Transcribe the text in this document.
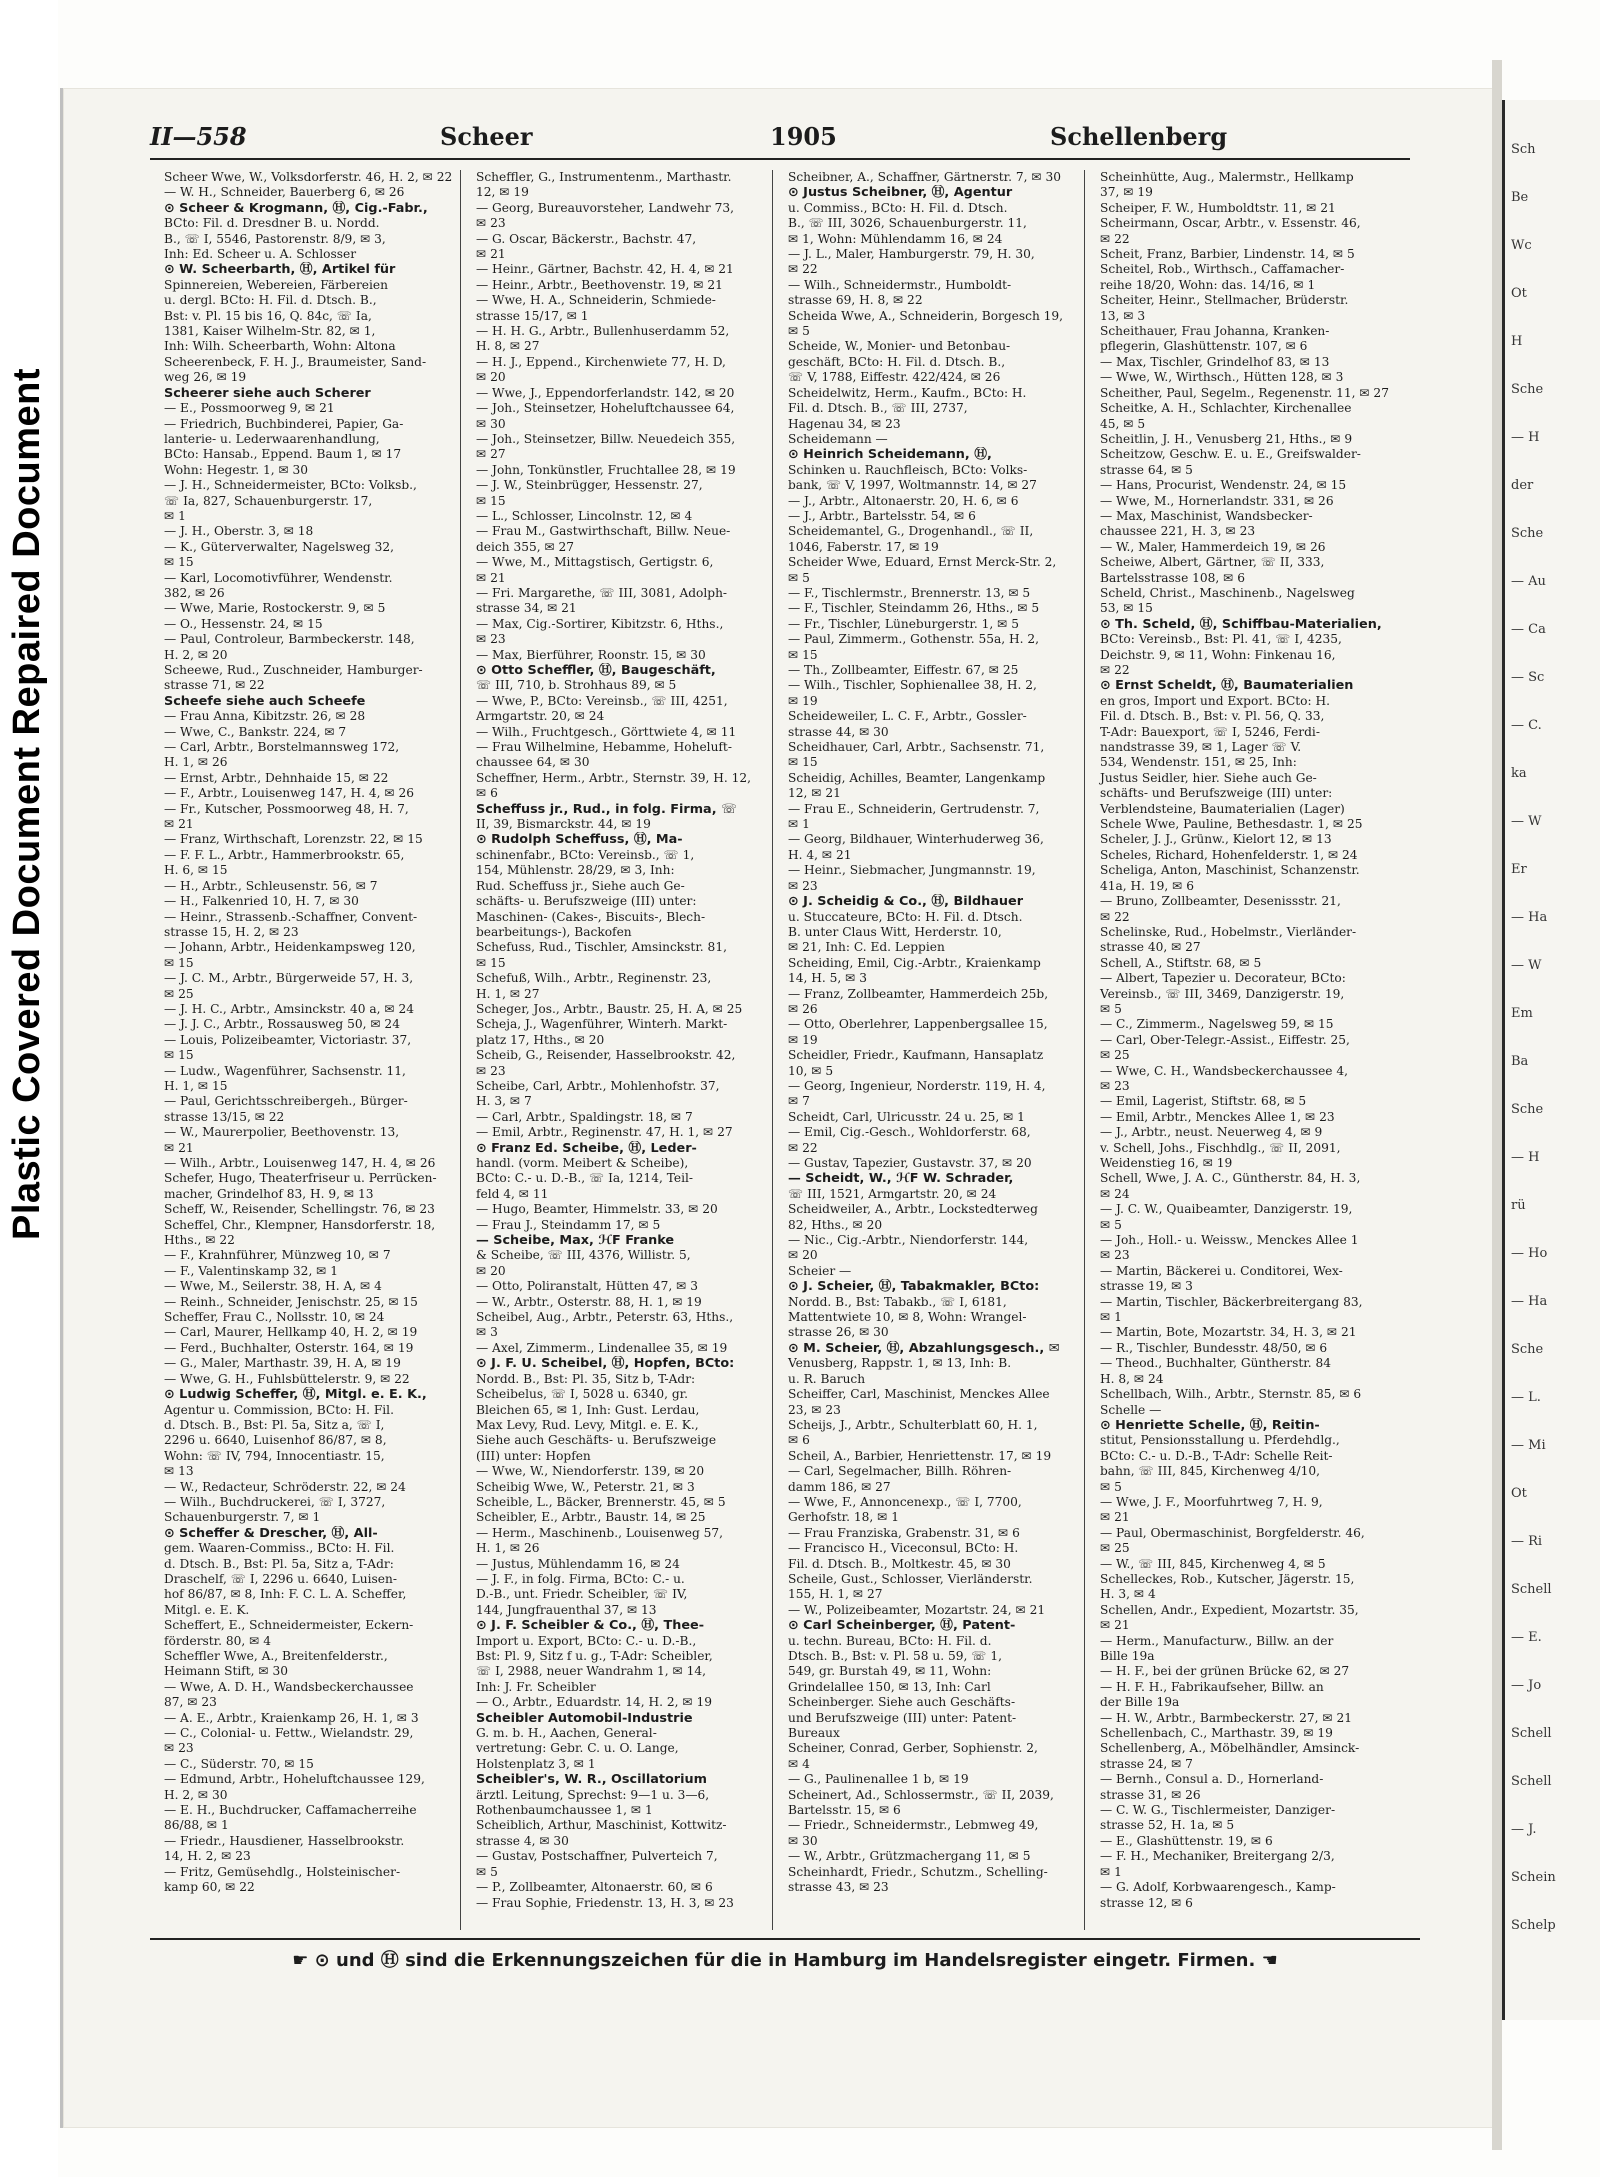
Plastic Covered Document Repaired Document
Sch
Be
Wc
Ot
H
Sche
— H
der
Sche
— Au
— Ca
— Sc
— C.
ka
— W
Er
— Ha
— W
Em
Ba
Sche
— H
rü
— Ho
— Ha
Sche
— L.
— Mi
Ot
— Ri
Schell
— E.
— Jo
Schell
Schell
— J.
Schein
Schelp
II—558	Scheer	1905	Schellenberg

Scheer Wwe, W., Volksdorferstr. 46, H. 2, ✉ 22

— W. H., Schneider, Bauerberg 6, ✉ 26

⊙ Scheer & Krogmann, Ⓗ, Cig.-Fabr.,

BCto: Fil. d. Dresdner B. u. Nordd.

B., ☏ I, 5546, Pastorenstr. 8/9, ✉ 3,

Inh: Ed. Scheer u. A. Schlosser

⊙ W. Scheerbarth, Ⓗ, Artikel für

Spinnereien, Webereien, Färbereien

u. dergl. BCto: H. Fil. d. Dtsch. B.,

Bst: v. Pl. 15 bis 16, Q. 84c, ☏ Ia,

1381, Kaiser Wilhelm-Str. 82, ✉ 1,

Inh: Wilh. Scheerbarth, Wohn: Altona

Scheerenbeck, F. H. J., Braumeister, Sand-

weg 26, ✉ 19

Scheerer siehe auch Scherer

— E., Possmoorweg 9, ✉ 21

— Friedrich, Buchbinderei, Papier, Ga-

lanterie- u. Lederwaarenhandlung,

BCto: Hansab., Eppend. Baum 1, ✉ 17

Wohn: Hegestr. 1, ✉ 30

— J. H., Schneidermeister, BCto: Volksb.,

☏ Ia, 827, Schauenburgerstr. 17,

✉ 1

— J. H., Oberstr. 3, ✉ 18

— K., Güterverwalter, Nagelsweg 32,

✉ 15

— Karl, Locomotivführer, Wendenstr.

382, ✉ 26

— Wwe, Marie, Rostockerstr. 9, ✉ 5

— O., Hessenstr. 24, ✉ 15

— Paul, Controleur, Barmbeckerstr. 148,

H. 2, ✉ 20

Scheewe, Rud., Zuschneider, Hamburger-

strasse 71, ✉ 22

Scheefe siehe auch Scheefe

— Frau Anna, Kibitzstr. 26, ✉ 28

— Wwe, C., Bankstr. 224, ✉ 7

— Carl, Arbtr., Borstelmannsweg 172,

H. 1, ✉ 26

— Ernst, Arbtr., Dehnhaide 15, ✉ 22

— F., Arbtr., Louisenweg 147, H. 4, ✉ 26

— Fr., Kutscher, Possmoorweg 48, H. 7,

✉ 21

— Franz, Wirthschaft, Lorenzstr. 22, ✉ 15

— F. F. L., Arbtr., Hammerbrookstr. 65,

H. 6, ✉ 15

— H., Arbtr., Schleusenstr. 56, ✉ 7

— H., Falkenried 10, H. 7, ✉ 30

— Heinr., Strassenb.-Schaffner, Convent-

strasse 15, H. 2, ✉ 23

— Johann, Arbtr., Heidenkampsweg 120,

✉ 15

— J. C. M., Arbtr., Bürgerweide 57, H. 3,

✉ 25

— J. H. C., Arbtr., Amsinckstr. 40 a, ✉ 24

— J. J. C., Arbtr., Rossausweg 50, ✉ 24

— Louis, Polizeibeamter, Victoriastr. 37,

✉ 15

— Ludw., Wagenführer, Sachsenstr. 11,

H. 1, ✉ 15

— Paul, Gerichtsschreibergeh., Bürger-

strasse 13/15, ✉ 22

— W., Maurerpolier, Beethovenstr. 13,

✉ 21

— Wilh., Arbtr., Louisenweg 147, H. 4, ✉ 26

Schefer, Hugo, Theaterfriseur u. Perrücken-

macher, Grindelhof 83, H. 9, ✉ 13

Scheff, W., Reisender, Schellingstr. 76, ✉ 23

Scheffel, Chr., Klempner, Hansdorferstr. 18,

Hths., ✉ 22

— F., Krahnführer, Münzweg 10, ✉ 7

— F., Valentinskamp 32, ✉ 1

— Wwe, M., Seilerstr. 38, H. A, ✉ 4

— Reinh., Schneider, Jenischstr. 25, ✉ 15

Scheffer, Frau C., Nollsstr. 10, ✉ 24

— Carl, Maurer, Hellkamp 40, H. 2, ✉ 19

— Ferd., Buchhalter, Osterstr. 164, ✉ 19

— G., Maler, Marthastr. 39, H. A, ✉ 19

— Wwe, G. H., Fuhlsbüttelerstr. 9, ✉ 22

⊙ Ludwig Scheffer, Ⓗ, Mitgl. e. E. K.,

Agentur u. Commission, BCto: H. Fil.

d. Dtsch. B., Bst: Pl. 5a, Sitz a, ☏ I,

2296 u. 6640, Luisenhof 86/87, ✉ 8,

Wohn: ☏ IV, 794, Innocentiastr. 15,

✉ 13

— W., Redacteur, Schröderstr. 22, ✉ 24

— Wilh., Buchdruckerei, ☏ I, 3727,

Schauenburgerstr. 7, ✉ 1

⊙ Scheffer & Drescher, Ⓗ, All-

gem. Waaren-Commiss., BCto: H. Fil.

d. Dtsch. B., Bst: Pl. 5a, Sitz a, T-Adr:

Draschelf, ☏ I, 2296 u. 6640, Luisen-

hof 86/87, ✉ 8, Inh: F. C. L. A. Scheffer,

Mitgl. e. E. K.

Scheffert, E., Schneidermeister, Eckern-

förderstr. 80, ✉ 4

Scheffler Wwe, A., Breitenfelderstr.,

Heimann Stift, ✉ 30

— Wwe, A. D. H., Wandsbeckerchaussee

87, ✉ 23

— A. E., Arbtr., Kraienkamp 26, H. 1, ✉ 3

— C., Colonial- u. Fettw., Wielandstr. 29,

✉ 23

— C., Süderstr. 70, ✉ 15

— Edmund, Arbtr., Hoheluftchaussee 129,

H. 2, ✉ 30

— E. H., Buchdrucker, Caffamacherreihe

86/88, ✉ 1

— Friedr., Hausdiener, Hasselbrookstr.

14, H. 2, ✉ 23

— Fritz, Gemüsehdlg., Holsteinischer-

kamp 60, ✉ 22

Scheffler, G., Instrumentenm., Marthastr.

12, ✉ 19

— Georg, Bureauvorsteher, Landwehr 73,

✉ 23

— G. Oscar, Bäckerstr., Bachstr. 47,

✉ 21

— Heinr., Gärtner, Bachstr. 42, H. 4, ✉ 21

— Heinr., Arbtr., Beethovenstr. 19, ✉ 21

— Wwe, H. A., Schneiderin, Schmiede-

strasse 15/17, ✉ 1

— H. H. G., Arbtr., Bullenhuserdamm 52,

H. 8, ✉ 27

— H. J., Eppend., Kirchenwiete 77, H. D,

✉ 20

— Wwe, J., Eppendorferlandstr. 142, ✉ 20

— Joh., Steinsetzer, Hoheluftchaussee 64,

✉ 30

— Joh., Steinsetzer, Billw. Neuedeich 355,

✉ 27

— John, Tonkünstler, Fruchtallee 28, ✉ 19

— J. W., Steinbrügger, Hessenstr. 27,

✉ 15

— L., Schlosser, Lincolnstr. 12, ✉ 4

— Frau M., Gastwirthschaft, Billw. Neue-

deich 355, ✉ 27

— Wwe, M., Mittagstisch, Gertigstr. 6,

✉ 21

— Fri. Margarethe, ☏ III, 3081, Adolph-

strasse 34, ✉ 21

— Max, Cig.-Sortirer, Kibitzstr. 6, Hths.,

✉ 23

— Max, Bierführer, Roonstr. 15, ✉ 30

⊙ Otto Scheffler, Ⓗ, Baugeschäft,

☏ III, 710, b. Strohhaus 89, ✉ 5

— Wwe, P., BCto: Vereinsb., ☏ III, 4251,

Armgartstr. 20, ✉ 24

— Wilh., Fruchtgesch., Görttwiete 4, ✉ 11

— Frau Wilhelmine, Hebamme, Hoheluft-

chaussee 64, ✉ 30

Scheffner, Herm., Arbtr., Sternstr. 39, H. 12,

✉ 6

Scheffuss jr., Rud., in folg. Firma, ☏

II, 39, Bismarckstr. 44, ✉ 19

⊙ Rudolph Scheffuss, Ⓗ, Ma-

schinenfabr., BCto: Vereinsb., ☏ 1,

154, Mühlenstr. 28/29, ✉ 3, Inh:

Rud. Scheffuss jr., Siehe auch Ge-

schäfts- u. Berufszweige (III) unter:

Maschinen- (Cakes-, Biscuits-, Blech-

bearbeitungs-), Backofen

Schefuss, Rud., Tischler, Amsinckstr. 81,

✉ 15

Schefuß, Wilh., Arbtr., Reginenstr. 23,

H. 1, ✉ 27

Scheger, Jos., Arbtr., Baustr. 25, H. A, ✉ 25

Scheja, J., Wagenführer, Winterh. Markt-

platz 17, Hths., ✉ 20

Scheib, G., Reisender, Hasselbrookstr. 42,

✉ 23

Scheibe, Carl, Arbtr., Mohlenhofstr. 37,

H. 3, ✉ 7

— Carl, Arbtr., Spaldingstr. 18, ✉ 7

— Emil, Arbtr., Reginenstr. 47, H. 1, ✉ 27

⊙ Franz Ed. Scheibe, Ⓗ, Leder-

handl. (vorm. Meibert & Scheibe),

BCto: C.- u. D.-B., ☏ Ia, 1214, Teil-

feld 4, ✉ 11

— Hugo, Beamter, Himmelstr. 33, ✉ 20

— Frau J., Steindamm 17, ✉ 5

— Scheibe, Max, ℋF Franke

& Scheibe, ☏ III, 4376, Willistr. 5,

✉ 20

— Otto, Poliranstalt, Hütten 47, ✉ 3

— W., Arbtr., Osterstr. 88, H. 1, ✉ 19

Scheibel, Aug., Arbtr., Peterstr. 63, Hths.,

✉ 3

— Axel, Zimmerm., Lindenallee 35, ✉ 19

⊙ J. F. U. Scheibel, Ⓗ, Hopfen, BCto:

Nordd. B., Bst: Pl. 35, Sitz b, T-Adr:

Scheibelus, ☏ I, 5028 u. 6340, gr.

Bleichen 65, ✉ 1, Inh: Gust. Lerdau,

Max Levy, Rud. Levy, Mitgl. e. E. K.,

Siehe auch Geschäfts- u. Berufszweige

(III) unter: Hopfen

— Wwe, W., Niendorferstr. 139, ✉ 20

Scheibig Wwe, W., Peterstr. 21, ✉ 3

Scheible, L., Bäcker, Brennerstr. 45, ✉ 5

Scheibler, E., Arbtr., Baustr. 14, ✉ 25

— Herm., Maschinenb., Louisenweg 57,

H. 1, ✉ 26

— Justus, Mühlendamm 16, ✉ 24

— J. F., in folg. Firma, BCto: C.- u.

D.-B., unt. Friedr. Scheibler, ☏ IV,

144, Jungfrauenthal 37, ✉ 13

⊙ J. F. Scheibler & Co., Ⓗ, Thee-

Import u. Export, BCto: C.- u. D.-B.,

Bst: Pl. 9, Sitz f u. g., T-Adr: Scheibler,

☏ I, 2988, neuer Wandrahm 1, ✉ 14,

Inh: J. Fr. Scheibler

— O., Arbtr., Eduardstr. 14, H. 2, ✉ 19

Scheibler Automobil-Industrie

G. m. b. H., Aachen, General-

vertretung: Gebr. C. u. O. Lange,

Holstenplatz 3, ✉ 1

Scheibler's, W. R., Oscillatorium

ärztl. Leitung, Sprechst: 9—1 u. 3—6,

Rothenbaumchaussee 1, ✉ 1

Scheiblich, Arthur, Maschinist, Kottwitz-

strasse 4, ✉ 30

— Gustav, Postschaffner, Pulverteich 7,

✉ 5

— P., Zollbeamter, Altonaerstr. 60, ✉ 6

— Frau Sophie, Friedenstr. 13, H. 3, ✉ 23

Scheibner, A., Schaffner, Gärtnerstr. 7, ✉ 30

⊙ Justus Scheibner, Ⓗ, Agentur

u. Commiss., BCto: H. Fil. d. Dtsch.

B., ☏ III, 3026, Schauenburgerstr. 11,

✉ 1, Wohn: Mühlendamm 16, ✉ 24

— J. L., Maler, Hamburgerstr. 79, H. 30,

✉ 22

— Wilh., Schneidermstr., Humboldt-

strasse 69, H. 8, ✉ 22

Scheida Wwe, A., Schneiderin, Borgesch 19,

✉ 5

Scheide, W., Monier- und Betonbau-

geschäft, BCto: H. Fil. d. Dtsch. B.,

☏ V, 1788, Eiffestr. 422/424, ✉ 26

Scheidelwitz, Herm., Kaufm., BCto: H.

Fil. d. Dtsch. B., ☏ III, 2737,

Hagenau 34, ✉ 23

Scheidemann —

⊙ Heinrich Scheidemann, Ⓗ,

Schinken u. Rauchfleisch, BCto: Volks-

bank, ☏ V, 1997, Woltmannstr. 14, ✉ 27

— J., Arbtr., Altonaerstr. 20, H. 6, ✉ 6

— J., Arbtr., Bartelsstr. 54, ✉ 6

Scheidemantel, G., Drogenhandl., ☏ II,

1046, Faberstr. 17, ✉ 19

Scheider Wwe, Eduard, Ernst Merck-Str. 2,

✉ 5

— F., Tischlermstr., Brennerstr. 13, ✉ 5

— F., Tischler, Steindamm 26, Hths., ✉ 5

— Fr., Tischler, Lüneburgerstr. 1, ✉ 5

— Paul, Zimmerm., Gothenstr. 55a, H. 2,

✉ 15

— Th., Zollbeamter, Eiffestr. 67, ✉ 25

— Wilh., Tischler, Sophienallee 38, H. 2,

✉ 19

Scheideweiler, L. C. F., Arbtr., Gossler-

strasse 44, ✉ 30

Scheidhauer, Carl, Arbtr., Sachsenstr. 71,

✉ 15

Scheidig, Achilles, Beamter, Langenkamp

12, ✉ 21

— Frau E., Schneiderin, Gertrudenstr. 7,

✉ 1

— Georg, Bildhauer, Winterhuderweg 36,

H. 4, ✉ 21

— Heinr., Siebmacher, Jungmannstr. 19,

✉ 23

⊙ J. Scheidig & Co., Ⓗ, Bildhauer

u. Stuccateure, BCto: H. Fil. d. Dtsch.

B. unter Claus Witt, Herderstr. 10,

✉ 21, Inh: C. Ed. Leppien

Scheiding, Emil, Cig.-Arbtr., Kraienkamp

14, H. 5, ✉ 3

— Franz, Zollbeamter, Hammerdeich 25b,

✉ 26

— Otto, Oberlehrer, Lappenbergsallee 15,

✉ 19

Scheidler, Friedr., Kaufmann, Hansaplatz

10, ✉ 5

— Georg, Ingenieur, Norderstr. 119, H. 4,

✉ 7

Scheidt, Carl, Ulricusstr. 24 u. 25, ✉ 1

— Emil, Cig.-Gesch., Wohldorferstr. 68,

✉ 22

— Gustav, Tapezier, Gustavstr. 37, ✉ 20

— Scheidt, W., ℋF W. Schrader,

☏ III, 1521, Armgartstr. 20, ✉ 24

Scheidweiler, A., Arbtr., Lockstedterweg

82, Hths., ✉ 20

— Nic., Cig.-Arbtr., Niendorferstr. 144,

✉ 20

Scheier —

⊙ J. Scheier, Ⓗ, Tabakmakler, BCto:

Nordd. B., Bst: Tabakb., ☏ I, 6181,

Mattentwiete 10, ✉ 8, Wohn: Wrangel-

strasse 26, ✉ 30

⊙ M. Scheier, Ⓗ, Abzahlungsgesch., ✉

Venusberg, Rappstr. 1, ✉ 13, Inh: B.

u. R. Baruch

Scheiffer, Carl, Maschinist, Menckes Allee

23, ✉ 23

Scheijs, J., Arbtr., Schulterblatt 60, H. 1,

✉ 6

Scheil, A., Barbier, Henriettenstr. 17, ✉ 19

— Carl, Segelmacher, Billh. Röhren-

damm 186, ✉ 27

— Wwe, F., Annoncenexp., ☏ I, 7700,

Gerhofstr. 18, ✉ 1

— Frau Franziska, Grabenstr. 31, ✉ 6

— Francisco H., Viceconsul, BCto: H.

Fil. d. Dtsch. B., Moltkestr. 45, ✉ 30

Scheile, Gust., Schlosser, Vierländerstr.

155, H. 1, ✉ 27

— W., Polizeibeamter, Mozartstr. 24, ✉ 21

⊙ Carl Scheinberger, Ⓗ, Patent-

u. techn. Bureau, BCto: H. Fil. d.

Dtsch. B., Bst: v. Pl. 58 u. 59, ☏ 1,

549, gr. Burstah 49, ✉ 11, Wohn:

Grindelallee 150, ✉ 13, Inh: Carl

Scheinberger. Siehe auch Geschäfts-

und Berufszweige (III) unter: Patent-

Bureaux

Scheiner, Conrad, Gerber, Sophienstr. 2,

✉ 4

— G., Paulinenallee 1 b, ✉ 19

Scheinert, Ad., Schlossermstr., ☏ II, 2039,

Bartelsstr. 15, ✉ 6

— Friedr., Schneidermstr., Lebmweg 49,

✉ 30

— W., Arbtr., Grützmachergang 11, ✉ 5

Scheinhardt, Friedr., Schutzm., Schelling-

strasse 43, ✉ 23

Scheinhütte, Aug., Malermstr., Hellkamp

37, ✉ 19

Scheiper, F. W., Humboldtstr. 11, ✉ 21

Scheirmann, Oscar, Arbtr., v. Essenstr. 46,

✉ 22

Scheit, Franz, Barbier, Lindenstr. 14, ✉ 5

Scheitel, Rob., Wirthsch., Caffamacher-

reihe 18/20, Wohn: das. 14/16, ✉ 1

Scheiter, Heinr., Stellmacher, Brüderstr.

13, ✉ 3

Scheithauer, Frau Johanna, Kranken-

pflegerin, Glashüttenstr. 107, ✉ 6

— Max, Tischler, Grindelhof 83, ✉ 13

— Wwe, W., Wirthsch., Hütten 128, ✉ 3

Scheither, Paul, Segelm., Regenenstr. 11, ✉ 27

Scheitke, A. H., Schlachter, Kirchenallee

45, ✉ 5

Scheitlin, J. H., Venusberg 21, Hths., ✉ 9

Scheitzow, Geschw. E. u. E., Greifswalder-

strasse 64, ✉ 5

— Hans, Procurist, Wendenstr. 24, ✉ 15

— Wwe, M., Hornerlandstr. 331, ✉ 26

— Max, Maschinist, Wandsbecker-

chaussee 221, H. 3, ✉ 23

— W., Maler, Hammerdeich 19, ✉ 26

Scheiwe, Albert, Gärtner, ☏ II, 333,

Bartelsstrasse 108, ✉ 6

Scheld, Christ., Maschinenb., Nagelsweg

53, ✉ 15

⊙ Th. Scheld, Ⓗ, Schiffbau-Materialien,

BCto: Vereinsb., Bst: Pl. 41, ☏ I, 4235,

Deichstr. 9, ✉ 11, Wohn: Finkenau 16,

✉ 22

⊙ Ernst Scheldt, Ⓗ, Baumaterialien

en gros, Import und Export. BCto: H.

Fil. d. Dtsch. B., Bst: v. Pl. 56, Q. 33,

T-Adr: Bauexport, ☏ I, 5246, Ferdi-

nandstrasse 39, ✉ 1, Lager ☏ V.

534, Wendenstr. 151, ✉ 25, Inh:

Justus Seidler, hier. Siehe auch Ge-

schäfts- und Berufszweige (III) unter:

Verblendsteine, Baumaterialien (Lager)

Schele Wwe, Pauline, Bethesdastr. 1, ✉ 25

Scheler, J. J., Grünw., Kielort 12, ✉ 13

Scheles, Richard, Hohenfelderstr. 1, ✉ 24

Scheliga, Anton, Maschinist, Schanzenstr.

41a, H. 19, ✉ 6

— Bruno, Zollbeamter, Desenissstr. 21,

✉ 22

Schelinske, Rud., Hobelmstr., Vierländer-

strasse 40, ✉ 27

Schell, A., Stiftstr. 68, ✉ 5

— Albert, Tapezier u. Decorateur, BCto:

Vereinsb., ☏ III, 3469, Danzigerstr. 19,

✉ 5

— C., Zimmerm., Nagelsweg 59, ✉ 15

— Carl, Ober-Telegr.-Assist., Eiffestr. 25,

✉ 25

— Wwe, C. H., Wandsbeckerchaussee 4,

✉ 23

— Emil, Lagerist, Stiftstr. 68, ✉ 5

— Emil, Arbtr., Menckes Allee 1, ✉ 23

— J., Arbtr., neust. Neuerweg 4, ✉ 9

v. Schell, Johs., Fischhdlg., ☏ II, 2091,

Weidenstieg 16, ✉ 19

Schell, Wwe, J. A. C., Güntherstr. 84, H. 3,

✉ 24

— J. C. W., Quaibeamter, Danzigerstr. 19,

✉ 5

— Joh., Holl.- u. Weissw., Menckes Allee 1

✉ 23

— Martin, Bäckerei u. Conditorei, Wex-

strasse 19, ✉ 3

— Martin, Tischler, Bäckerbreitergang 83,

✉ 1

— Martin, Bote, Mozartstr. 34, H. 3, ✉ 21

— R., Tischler, Bundesstr. 48/50, ✉ 6

— Theod., Buchhalter, Güntherstr. 84

H. 8, ✉ 24

Schellbach, Wilh., Arbtr., Sternstr. 85, ✉ 6

Schelle —

⊙ Henriette Schelle, Ⓗ, Reitin-

stitut, Pensionsstallung u. Pferdehdlg.,

BCto: C.- u. D.-B., T-Adr: Schelle Reit-

bahn, ☏ III, 845, Kirchenweg 4/10,

✉ 5

— Wwe, J. F., Moorfuhrtweg 7, H. 9,

✉ 21

— Paul, Obermaschinist, Borgfelderstr. 46,

✉ 25

— W., ☏ III, 845, Kirchenweg 4, ✉ 5

Schelleckes, Rob., Kutscher, Jägerstr. 15,

H. 3, ✉ 4

Schellen, Andr., Expedient, Mozartstr. 35,

✉ 21

— Herm., Manufacturw., Billw. an der

Bille 19a

— H. F., bei der grünen Brücke 62, ✉ 27

— H. F. H., Fabrikaufseher, Billw. an

der Bille 19a

— H. W., Arbtr., Barmbeckerstr. 27, ✉ 21

Schellenbach, C., Marthastr. 39, ✉ 19

Schellenberg, A., Möbelhändler, Amsinck-

strasse 24, ✉ 7

— Bernh., Consul a. D., Hornerland-

strasse 31, ✉ 26

— C. W. G., Tischlermeister, Danziger-

strasse 52, H. 1a, ✉ 5

— E., Glashüttenstr. 19, ✉ 6

— F. H., Mechaniker, Breitergang 2/3,

✉ 1

— G. Adolf, Korbwaarengesch., Kamp-

strasse 12, ✉ 6

☛ ⊙ und Ⓗ sind die Erkennungszeichen für die in Hamburg im Handelsregister eingetr. Firmen. ☚
